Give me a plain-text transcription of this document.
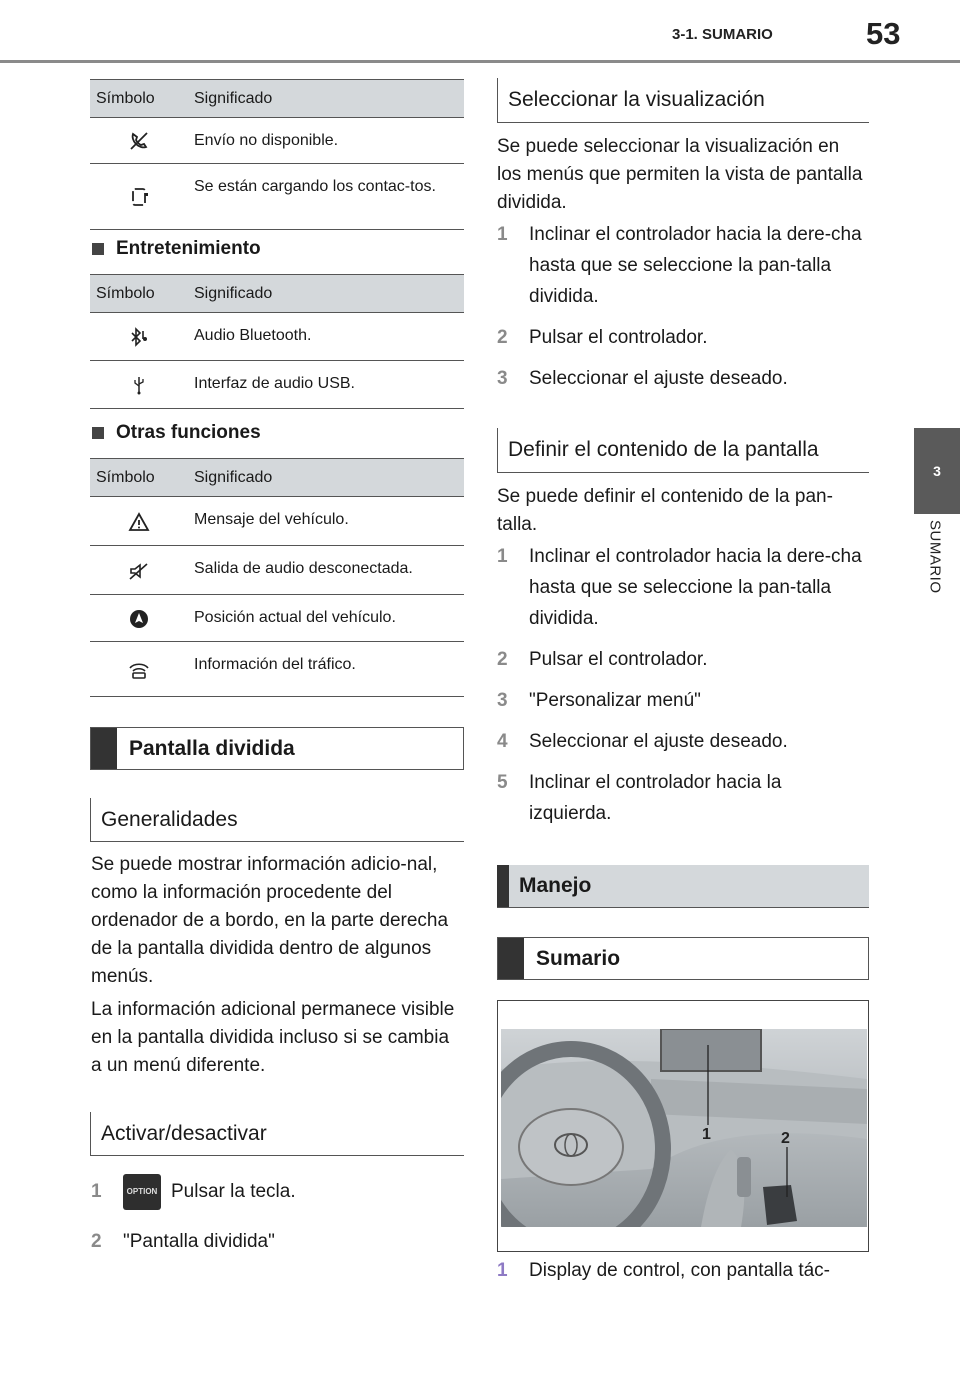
3-1. SUMARIO	53
3
SUMARIO
Símbolo	Significado
	Envío no disponible.
	Se están cargando los contac-tos.
Entretenimiento
Símbolo	Significado
	Audio Bluetooth.
	Interfaz de audio USB.
Otras funciones
Símbolo	Significado
	Mensaje del vehículo.
	Salida de audio desconectada.
	Posición actual del vehículo.
	Información del tráfico.
Pantalla dividida
Generalidades
Se puede mostrar información adicio-nal, como la información procedente del ordenador de a bordo, en la parte derecha de la pantalla dividida dentro de algunos menús.
La información adicional permanece visible en la pantalla dividida incluso si se cambia a un menú diferente.
Activar/desactivar
1	OPTION Pulsar la tecla.
2	"Pantalla dividida"
Seleccionar la visualización
Se puede seleccionar la visualización en los menús que permiten la vista de pantalla dividida.
1	Inclinar el controlador hacia la dere-cha hasta que se seleccione la pan-talla dividida.
2	Pulsar el controlador.
3	Seleccionar el ajuste deseado.
Definir el contenido de la pantalla
Se puede definir el contenido de la pan-talla.
1	Inclinar el controlador hacia la dere-cha hasta que se seleccione la pan-talla dividida.
2	Pulsar el controlador.
3	"Personalizar menú"
4	Seleccionar el ajuste deseado.
5	Inclinar el controlador hacia la izquierda.
Manejo
Sumario
1	2
1	Display de control, con pantalla tác-
